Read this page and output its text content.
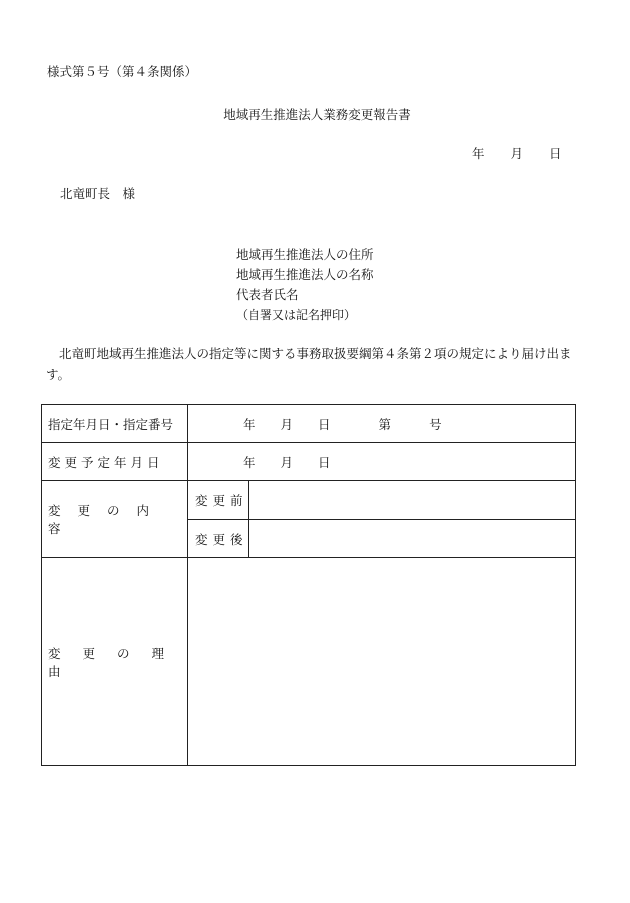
様式第５号（第４条関係）
地域再生推進法人業務変更報告書
年 月 日
北竜町長　様
地域再生推進法人の住所
地域再生推進法人の名称
代表者氏名
（自署又は記名押印）
北竜町地域再生推進法人の指定等に関する事務取扱要綱第４条第２項の規定により届け出ます。
指定年月日・指定番号	年 月 日 第 号	
変更予定年月日	年 月 日	
変更の内容	変更前	
	変更後	
変更の理由		
